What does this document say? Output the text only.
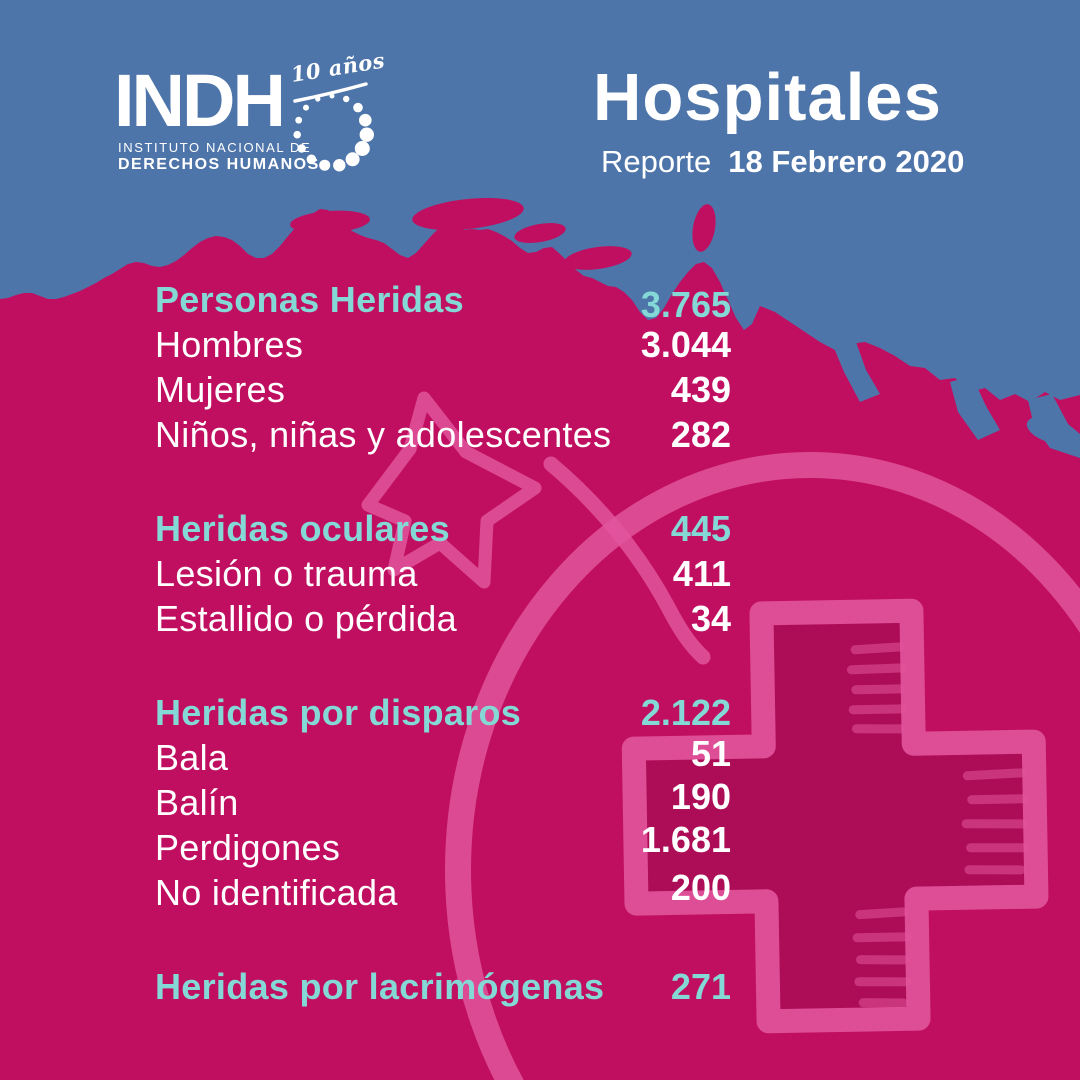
INDH
INSTITUTO NACIONAL DE
DERECHOS HUMANOS
10 años	Hospitales
Reporte 18 Febrero 2020
Personas Heridas	3.765
Hombres	3.044
Mujeres	439
Niños, niñas y adolescentes 282
Heridas oculares	445
Lesión o trauma	411
Estallido o pérdida	34
Heridas por disparos	2.122
Bala	51
Balín	190
Perdigones	1.681
No identificada	200
Heridas por lacrimógenas 271
